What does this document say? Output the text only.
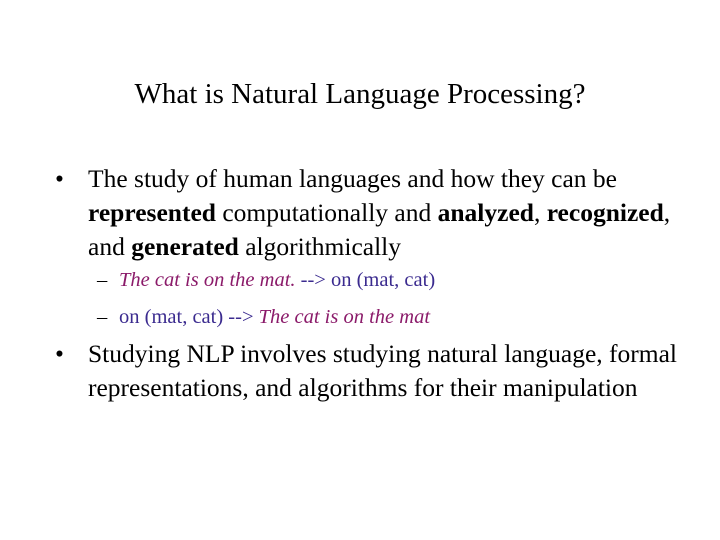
What is Natural Language Processing?
• The study of human languages and how they can be represented computationally and analyzed, recognized, and generated algorithmically
– The cat is on the mat. --> on (mat, cat)
– on (mat, cat) --> The cat is on the mat
• Studying NLP involves studying natural language, formal representations, and algorithms for their manipulation
